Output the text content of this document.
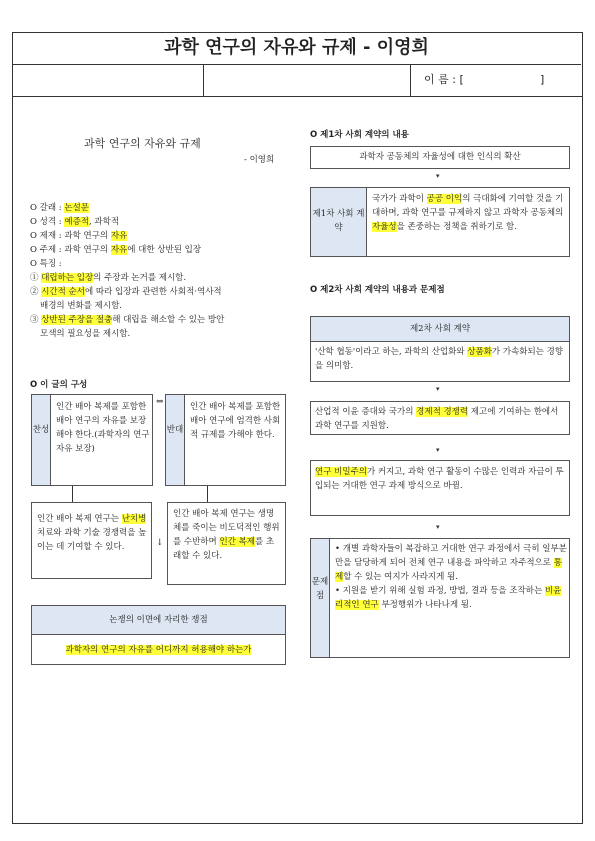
과학 연구의 자유와 규제 - 이영희
이 름 : [	]
과학 연구의 자유와 규제
- 이영희
O 갈래 : 논설문
O 성격 : 예증적, 과학적
O 제재 : 과학 연구의 자유
O 주제 : 과학 연구의 자유에 대한 상반된 입장
O 특징 :
① 대립하는 입장의 주장과 논거를 제시함.
② 시간적 순서에 따라 입장과 관련한 사회적·역사적
배경의 변화를 제시함.
③ 상반된 주장을 절충해 대립을 해소할 수 있는 방안
모색의 필요성을 제시함.
O 이 글의 구성
찬성
인간 배아 복제를 포함한 배아 연구의 자유를 보장해야 한다.(과학자의 연구 자유 보장)
⇔
반대
인간 배아 복제를 포함한 배아 연구에 엄격한 사회적 규제를 가해야 한다.
인간 배아 복제 연구는 난치병 치료와 과학 기술 경쟁력을 높이는 데 기여할 수 있다.	↓
인간 배아 복제 연구는 생명체를 죽이는 비도덕적인 행위를 수반하며 인간 복제를 초래할 수 있다.
논쟁의 이면에 자리한 쟁점
과학자의 연구의 자유를 어디까지 허용해야 하는가
O 제1차 사회 계약의 내용
과학자 공동체의 자율성에 대한 인식의 확산
▾
제1차 사회 계약
국가가 과학이 공공 이익의 극대화에 기여할 것을 기대하며, 과학 연구를 규제하지 않고 과학자 공동체의 자율성을 존중하는 정책을 취하기로 함.
O 제2차 사회 계약의 내용과 문제점
제2차 사회 계약
'산학 협동'이라고 하는, 과학의 산업화와 상품화가 가속화되는 경향을 의미함.
▾
산업적 이윤 증대와 국가의 경제적 경쟁력 제고에 기여하는 한에서 과학 연구를 지원함.
▾
연구 비밀주의가 커지고, 과학 연구 활동이 수많은 인력과 자금이 투입되는 거대한 연구 과제 방식으로 바뀜.
▾
문제점
• 개별 과학자들이 복잡하고 거대한 연구 과정에서 극히 일부분만을 담당하게 되어 전체 연구 내용을 파악하고 자주적으로 통제할 수 있는 여지가 사라지게 됨.
• 지원을 받기 위해 실험 과정, 방법, 결과 등을 조작하는 비윤리적인 연구 부정행위가 나타나게 됨.
